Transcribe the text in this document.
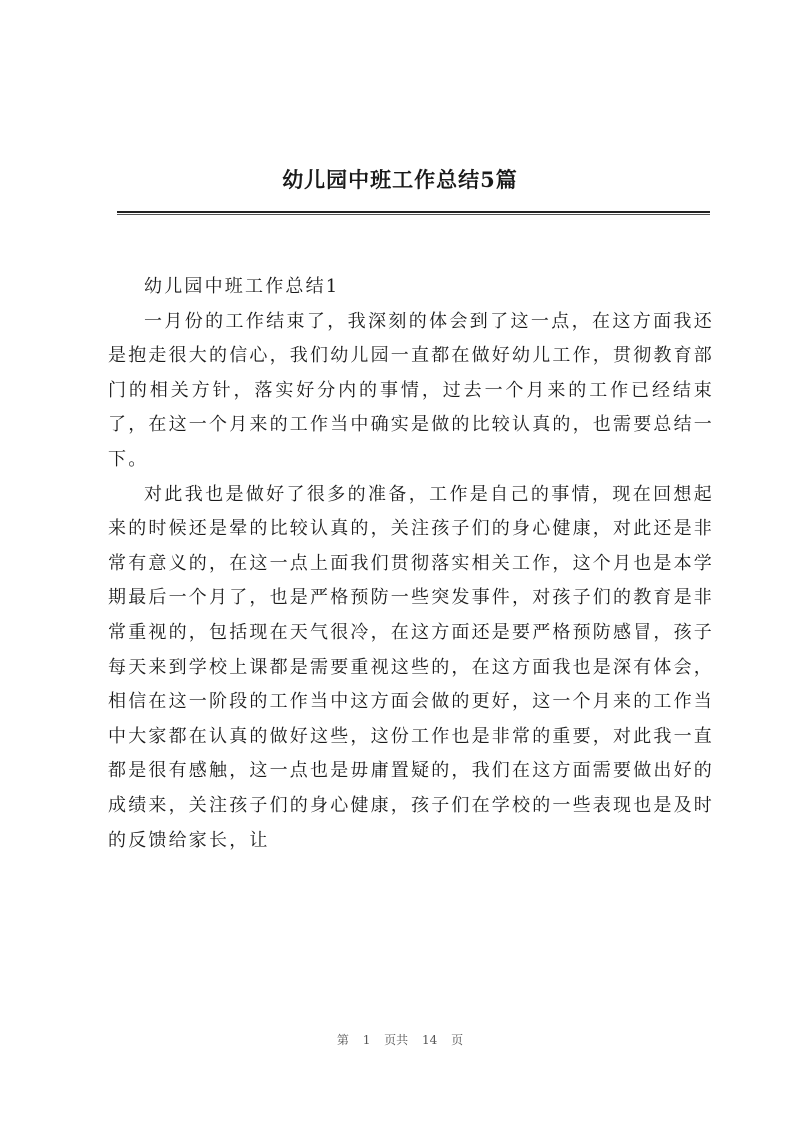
幼儿园中班工作总结5篇

幼儿园中班工作总结1

一月份的工作结束了，我深刻的体会到了这一点，在这方面我还是抱走很大的信心，我们幼儿园一直都在做好幼儿工作，贯彻教育部门的相关方针，落实好分内的事情，过去一个月来的工作已经结束了，在这一个月来的工作当中确实是做的比较认真的，也需要总结一下。

对此我也是做好了很多的准备，工作是自己的事情，现在回想起来的时候还是晕的比较认真的，关注孩子们的身心健康，对此还是非常有意义的，在这一点上面我们贯彻落实相关工作，这个月也是本学期最后一个月了，也是严格预防一些突发事件，对孩子们的教育是非常重视的，包括现在天气很冷，在这方面还是要严格预防感冒，孩子每天来到学校上课都是需要重视这些的，在这方面我也是深有体会，相信在这一阶段的工作当中这方面会做的更好，这一个月来的工作当中大家都在认真的做好这些，这份工作也是非常的重要，对此我一直都是很有感触，这一点也是毋庸置疑的，我们在这方面需要做出好的成绩来，关注孩子们的身心健康，孩子们在学校的一些表现也是及时的反馈给家长，让

第 1 页共 14 页
